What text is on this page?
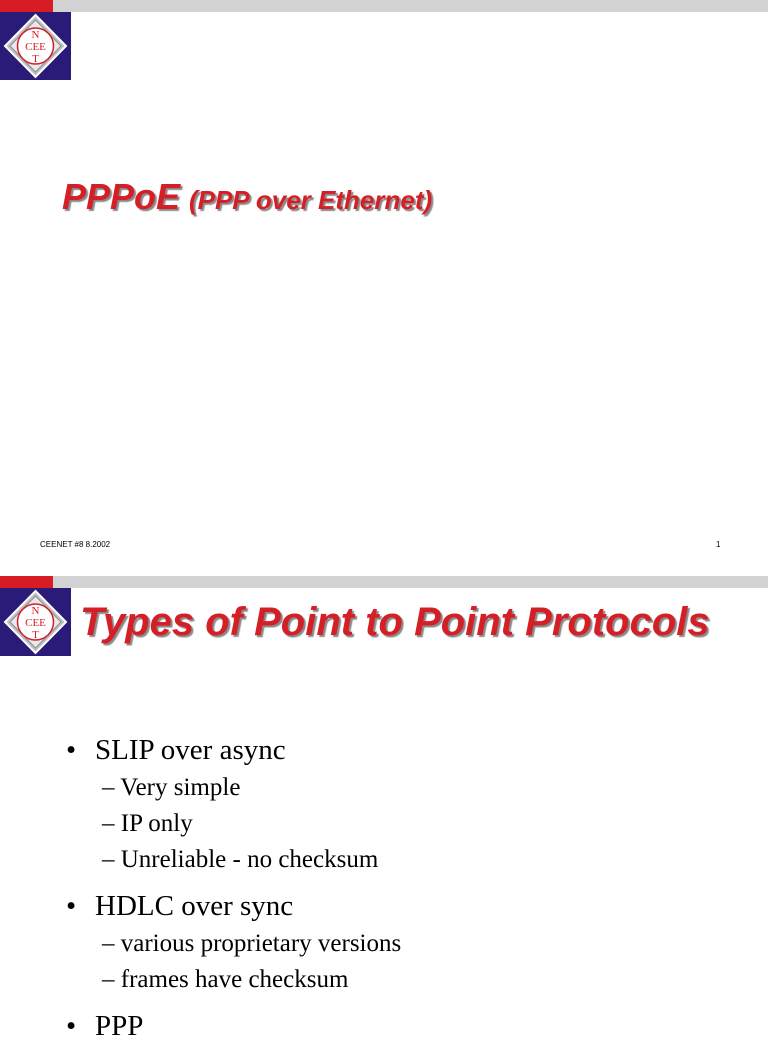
N
CEE
T
PPPoE (PPP over Ethernet)
CEENET #8 8.2002	1
N
CEE
T Types of Point to Point Protocols
• SLIP over async
– Very simple
– IP only
– Unreliable - no checksum
• HDLC over sync
– various proprietary versions
– frames have checksum
• PPP
